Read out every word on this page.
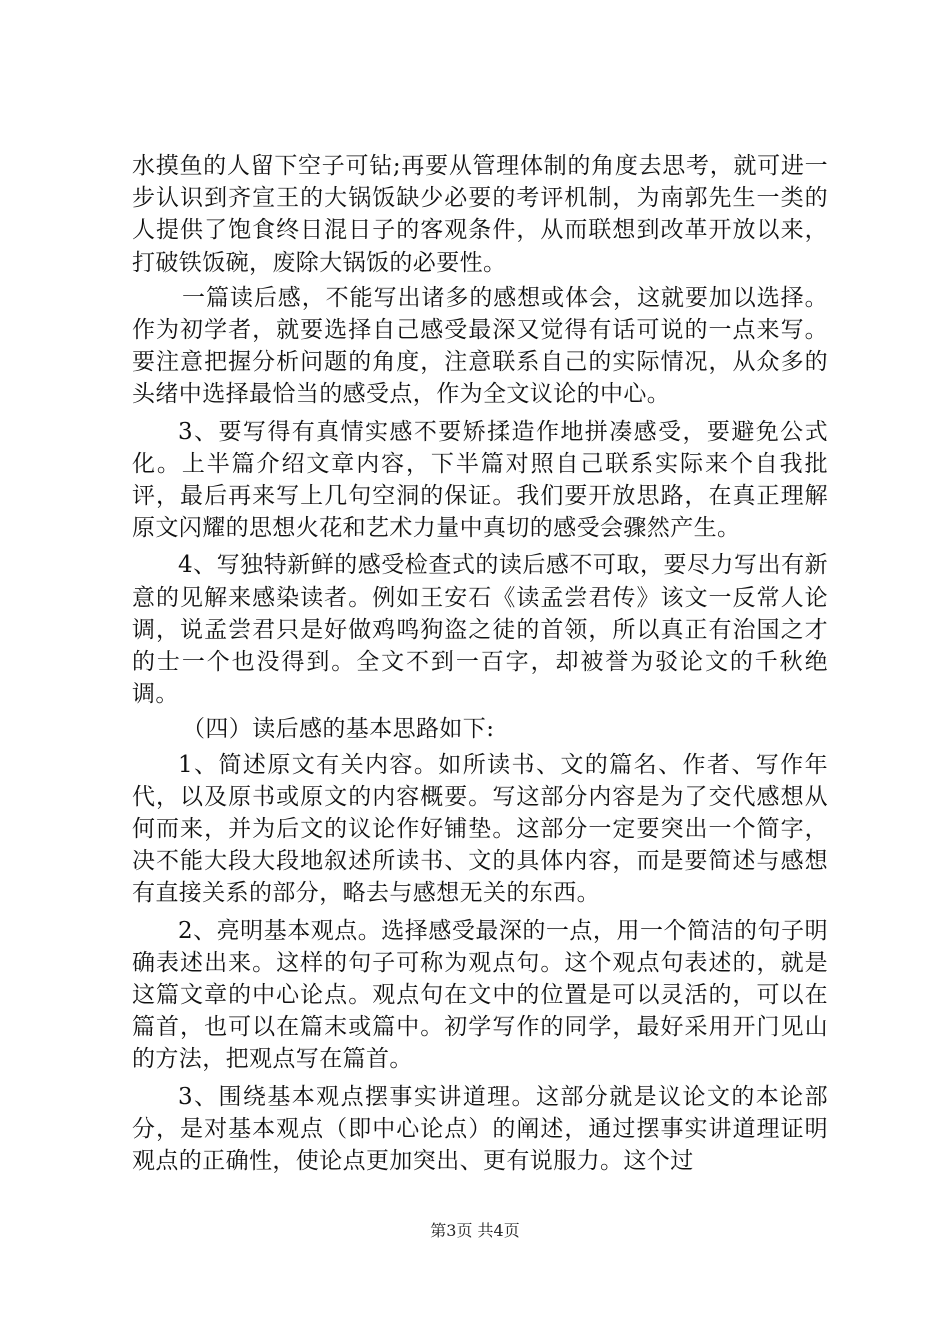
水摸鱼的人留下空子可钻;再要从管理体制的角度去思考，就可进一步认识到齐宣王的大锅饭缺少必要的考评机制，为南郭先生一类的人提供了饱食终日混日子的客观条件，从而联想到改革开放以来，打破铁饭碗，废除大锅饭的必要性。

一篇读后感，不能写出诸多的感想或体会，这就要加以选择。作为初学者，就要选择自己感受最深又觉得有话可说的一点来写。要注意把握分析问题的角度，注意联系自己的实际情况，从众多的头绪中选择最恰当的感受点，作为全文议论的中心。

3、要写得有真情实感不要矫揉造作地拼凑感受，要避免公式化。上半篇介绍文章内容，下半篇对照自己联系实际来个自我批评，最后再来写上几句空洞的保证。我们要开放思路，在真正理解原文闪耀的思想火花和艺术力量中真切的感受会骤然产生。

4、写独特新鲜的感受检查式的读后感不可取，要尽力写出有新意的见解来感染读者。例如王安石《读孟尝君传》该文一反常人论调，说孟尝君只是好做鸡鸣狗盗之徒的首领，所以真正有治国之才的士一个也没得到。全文不到一百字，却被誉为驳论文的千秋绝调。

（四）读后感的基本思路如下:

1、简述原文有关内容。如所读书、文的篇名、作者、写作年代，以及原书或原文的内容概要。写这部分内容是为了交代感想从何而来，并为后文的议论作好铺垫。这部分一定要突出一个简字，决不能大段大段地叙述所读书、文的具体内容，而是要简述与感想有直接关系的部分，略去与感想无关的东西。

2、亮明基本观点。选择感受最深的一点，用一个简洁的句子明确表述出来。这样的句子可称为观点句。这个观点句表述的，就是这篇文章的中心论点。观点句在文中的位置是可以灵活的，可以在篇首，也可以在篇末或篇中。初学写作的同学，最好采用开门见山的方法，把观点写在篇首。

3、围绕基本观点摆事实讲道理。这部分就是议论文的本论部分，是对基本观点（即中心论点）的阐述，通过摆事实讲道理证明观点的正确性，使论点更加突出、更有说服力。这个过

第3页 共4页
